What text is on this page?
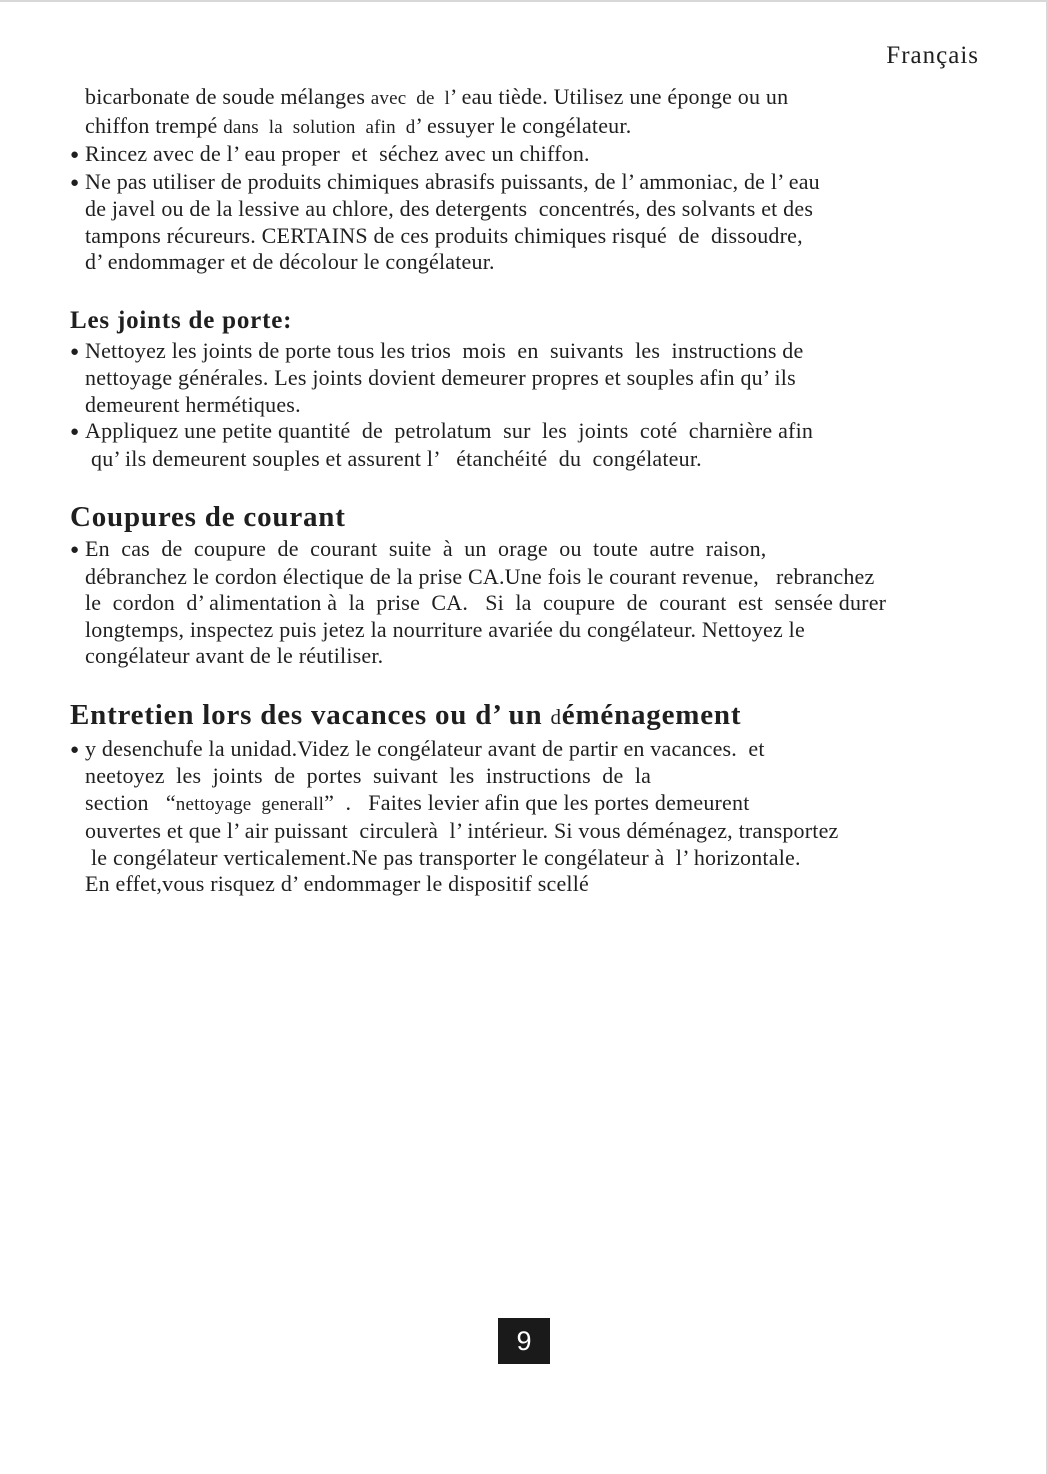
Français

bicarbonate de soude mélanges avec  de  l’ eau tiède. Utilisez une éponge ou un

chiffon trempé dans  la  solution  afin  d’ essuyer le congélateur.

● Rincez avec de l’ eau proper  et  séchez avec un chiffon.

● Ne pas utiliser de produits chimiques abrasifs puissants, de l’ ammoniac, de l’ eau

de javel ou de la lessive au chlore, des detergents  concentrés, des solvants et des

tampons récureurs. CERTAINS de ces produits chimiques risqué  de  dissoudre,

d’ endommager et de décolour le congélateur.

Les joints de porte:

● Nettoyez les joints de porte tous les trios  mois  en  suivants  les  instructions de

nettoyage générales. Les joints dovient demeurer propres et souples afin qu’ ils

demeurent hermétiques.

● Appliquez une petite quantité  de  petrolatum  sur  les  joints  coté  charnière afin

qu’ ils demeurent souples et assurent l’   étanchéité  du  congélateur.

Coupures de courant

● En  cas  de  coupure  de  courant  suite  à  un  orage  ou  toute  autre  raison,

débranchez le cordon électique de la prise CA.Une fois le courant revenue,   rebranchez

le  cordon  d’ alimentation à  la  prise  CA.   Si  la  coupure  de  courant  est  sensée durer

longtemps, inspectez puis jetez la nourriture avariée du congélateur. Nettoyez le

congélateur avant de le réutiliser.

Entretien lors des vacances ou d’ un déménagement

● y desenchufe la unidad.Videz le congélateur avant de partir en vacances.  et

neetoyez  les  joints  de  portes  suivant  les  instructions  de  la

section   “nettoyage  generall”  .   Faites levier afin que les portes demeurent

ouvertes et que l’ air puissant  circulerà  l’ intérieur. Si vous déménagez, transportez

le congélateur verticalement.Ne pas transporter le congélateur à  l’ horizontale.

En effet,vous risquez d’ endommager le dispositif scellé

9
